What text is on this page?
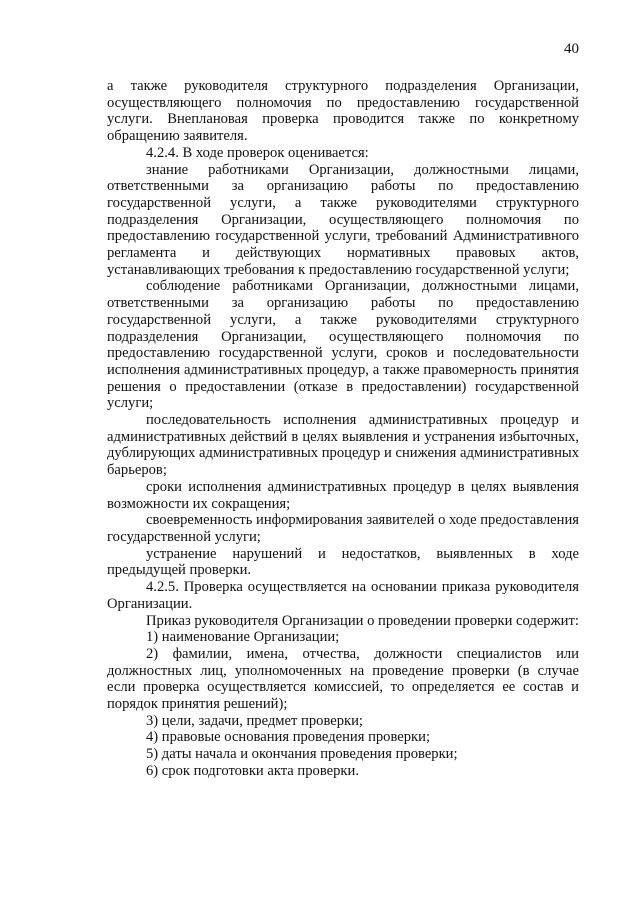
40

а также руководителя структурного подразделения Организации, осуществляющего полномочия по предоставлению государственной услуги. Внеплановая проверка проводится также по конкретному обращению заявителя.

4.2.4. В ходе проверок оценивается:

знание работниками Организации, должностными лицами, ответственными за организацию работы по предоставлению государственной услуги, а также руководителями структурного подразделения Организации, осуществляющего полномочия по предоставлению государственной услуги, требований Административного регламента и действующих нормативных правовых актов, устанавливающих требования к предоставлению государственной услуги;

соблюдение работниками Организации, должностными лицами, ответственными за организацию работы по предоставлению государственной услуги, а также руководителями структурного подразделения Организации, осуществляющего полномочия по предоставлению государственной услуги, сроков и последовательности исполнения административных процедур, а также правомерность принятия решения о предоставлении (отказе в предоставлении) государственной услуги;

последовательность исполнения административных процедур и административных действий в целях выявления и устранения избыточных, дублирующих административных процедур и снижения административных барьеров;

сроки исполнения административных процедур в целях выявления возможности их сокращения;

своевременность информирования заявителей о ходе предоставления государственной услуги;

устранение нарушений и недостатков, выявленных в ходе предыдущей проверки.

4.2.5. Проверка осуществляется на основании приказа руководителя Организации.

Приказ руководителя Организации о проведении проверки содержит:

1) наименование Организации;

2) фамилии, имена, отчества, должности специалистов или должностных лиц, уполномоченных на проведение проверки (в случае если проверка осуществляется комиссией, то определяется ее состав и порядок принятия решений);

3) цели, задачи, предмет проверки;

4) правовые основания проведения проверки;

5) даты начала и окончания проведения проверки;

6) срок подготовки акта проверки.
